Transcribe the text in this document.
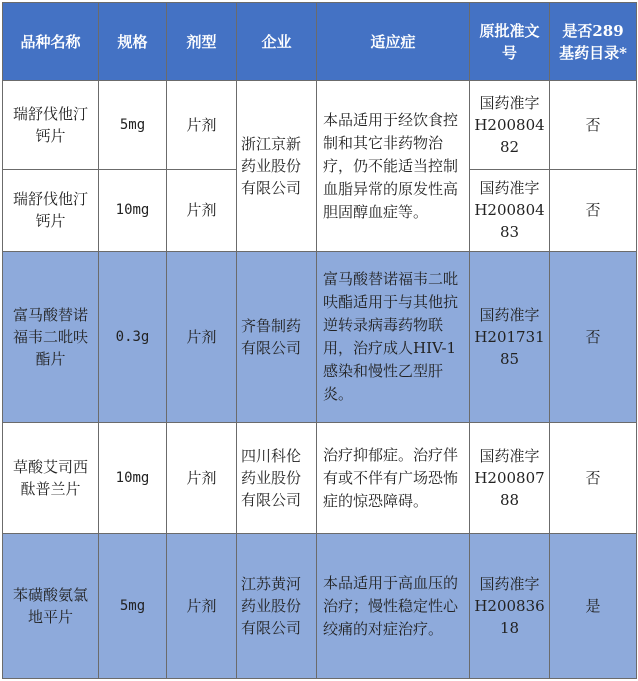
品种名称	规格	剂型	企业	适应症	原批准文号	是否289基药目录*
瑞舒伐他汀钙片	5mg	片剂	浙江京新药业股份有限公司	本品适用于经饮食控制和其它非药物治疗，仍不能适当控制血脂异常的原发性高胆固醇血症等。	国药准字H20080482	否
瑞舒伐他汀钙片	10mg	片剂			国药准字H20080483	否
富马酸替诺福韦二吡呋酯片	0.3g	片剂	齐鲁制药有限公司	富马酸替诺福韦二吡呋酯适用于与其他抗逆转录病毒药物联用，治疗成人HIV-1感染和慢性乙型肝炎。	国药准字H20173185	否
草酸艾司西酞普兰片	10mg	片剂	四川科伦药业股份有限公司	治疗抑郁症。治疗伴有或不伴有广场恐怖症的惊恐障碍。	国药准字H20080788	否
苯磺酸氨氯地平片	5mg	片剂	江苏黄河药业股份有限公司	本品适用于高血压的治疗；慢性稳定性心绞痛的对症治疗。	国药准字H20083618	是
